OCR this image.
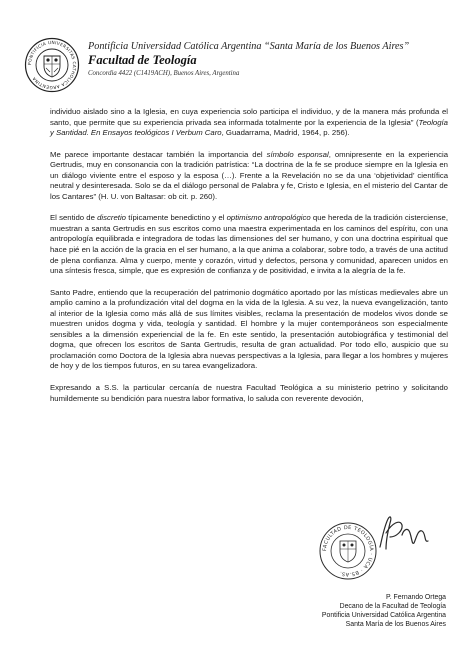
PONTIFICIA UNIVERSITAS CATHOLICA ARGENTINA
Pontificia Universidad Católica Argentina “Santa María de los Buenos Aires”
Facultad de Teología
Concordia 4422 (C1419ACH), Buenos Aires, Argentina

individuo aislado sino a la Iglesia, en cuya experiencia solo participa el individuo, y de la manera más profunda el santo, que permite que su experiencia privada sea informada totalmente por la experiencia de la Iglesia” (Teología y Santidad. En Ensayos teológicos I Verbum Caro, Guadarrama, Madrid, 1964, p. 256).

Me parece importante destacar también la importancia del símbolo esponsal, omnipresente en la experiencia Gertrudis, muy en consonancia con la tradición patrística: “La doctrina de la fe se produce siempre en la Iglesia en un diálogo viviente entre el esposo y la esposa (…). Frente a la Revelación no se da una ‘objetividad’ científica neutral y desinteresada. Solo se da el diálogo personal de Palabra y fe, Cristo e Iglesia, en el misterio del Cantar de los Cantares” (H. U. von Baltasar: ob cit. p. 260).

El sentido de discretio típicamente benedictino y el optimismo antropológico que hereda de la tradición cisterciense, muestran a santa Gertrudis en sus escritos como una maestra experimentada en los caminos del espíritu, con una antropología equilibrada e integradora de todas las dimensiones del ser humano, y con una doctrina espiritual que hace pié en la acción de la gracia en el ser humano, a la que anima a colaborar, sobre todo, a través de una actitud de plena confianza. Alma y cuerpo, mente y corazón, virtud y defectos, persona y comunidad, aparecen unidos en una síntesis fresca, simple, que es expresión de confianza y de positividad, e invita a la alegría de la fe.

Santo Padre, entiendo que la recuperación del patrimonio dogmático aportado por las místicas medievales abre un amplio camino a la profundización vital del dogma en la vida de la Iglesia. A su vez, la nueva evangelización, tanto al interior de la Iglesia como más allá de sus límites visibles, reclama la presentación de modelos vivos donde se muestren unidos dogma y vida, teología y santidad. El hombre y la mujer contemporáneos son especialmente sensibles a la dimensión experiencial de la fe. En este sentido, la presentación autobiográfica y testimonial del dogma, que ofrecen los escritos de Santa Gertrudis, resulta de gran actualidad. Por todo ello, auspicio que su proclamación como Doctora de la Iglesia abra nuevas perspectivas a la Iglesia, para llegar a los hombres y mujeres de hoy y de los tiempos futuros, en su tarea evangelizadora.

Expresando a S.S. la particular cercanía de nuestra Facultad Teológica a su ministerio petrino y solicitando humildemente su bendición para nuestra labor formativa, lo saluda con reverente devoción,

FACULTAD DE TEOLOGÍA · UCA · BS.AS.
P. Fernando Ortega
Decano de la Facultad de Teología
Pontificia Universidad Católica Argentina
Santa María de los Buenos Aires
